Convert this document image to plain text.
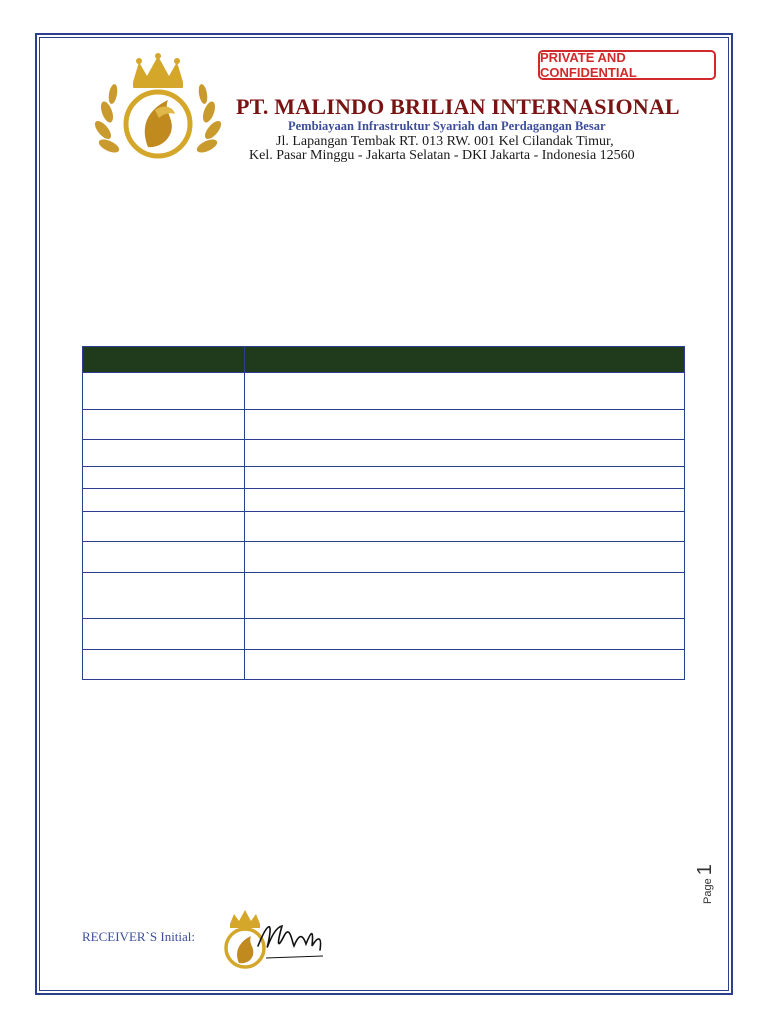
PRIVATE AND CONFIDENTIAL
PT. MALINDO BRILIAN INTERNASIONAL
Pembiayaan Infrastruktur Syariah dan Perdagangan Besar
Jl. Lapangan Tembak RT. 013 RW. 001 Kel Cilandak Timur,
Kel. Pasar Minggu - Jakarta Selatan - DKI Jakarta - Indonesia 12560

Page 1
RECEIVER`S Initial:
